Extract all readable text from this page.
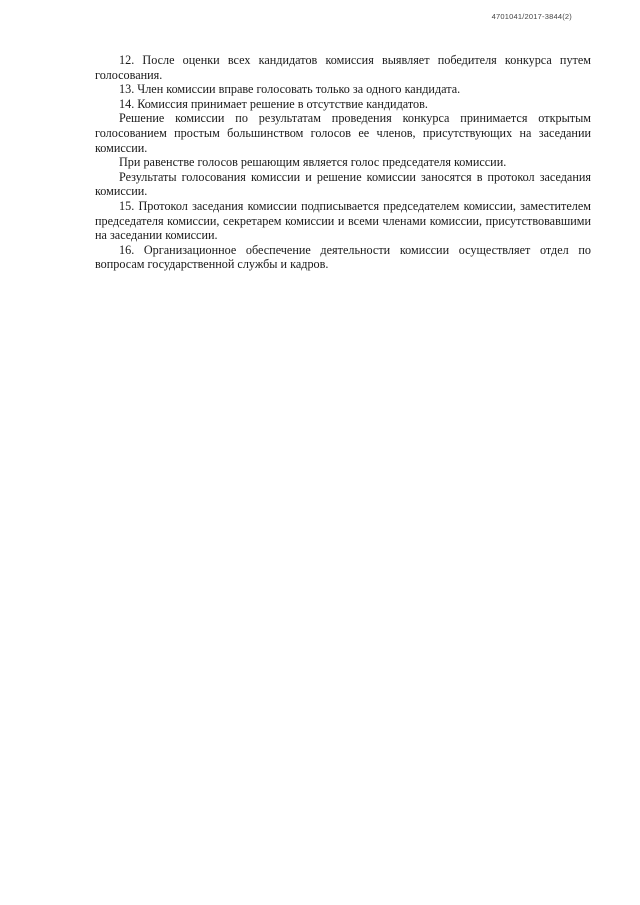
4701041/2017-3844(2)

12. После оценки всех кандидатов комиссия выявляет победителя конкурса путем голосования.

13. Член комиссии вправе голосовать только за одного кандидата.

14. Комиссия принимает решение в отсутствие кандидатов.

Решение комиссии по результатам проведения конкурса принимается открытым голосованием простым большинством голосов ее членов, присутствующих на заседании комиссии.

При равенстве голосов решающим является голос председателя комиссии.

Результаты голосования комиссии и решение комиссии заносятся в протокол заседания комиссии.

15. Протокол заседания комиссии подписывается председателем комиссии, заместителем председателя комиссии, секретарем комиссии и всеми членами комиссии, присутствовавшими на заседании комиссии.

16. Организационное обеспечение деятельности комиссии осуществляет отдел по вопросам государственной службы и кадров.
